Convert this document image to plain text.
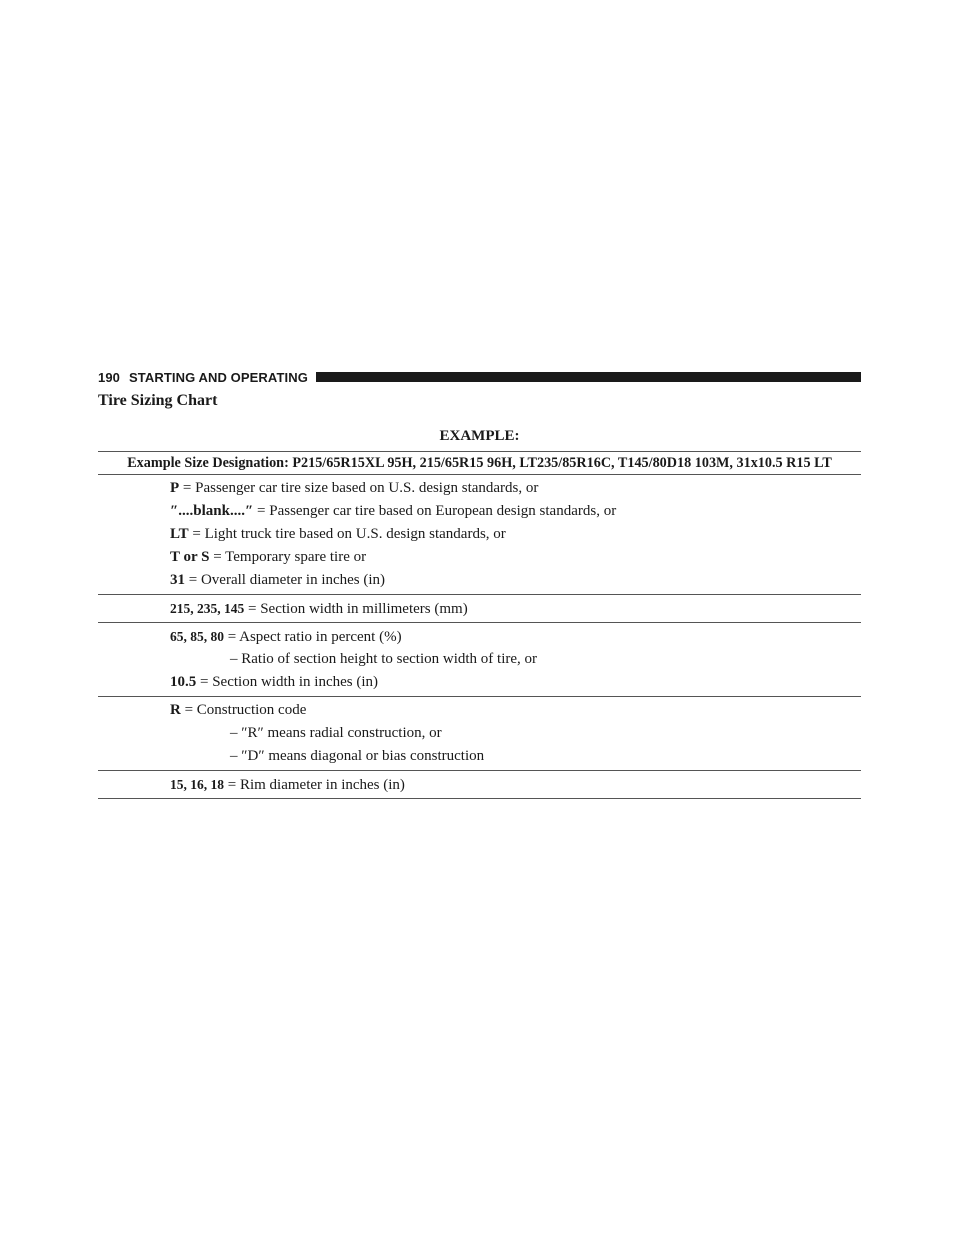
190 STARTING AND OPERATING
Tire Sizing Chart
EXAMPLE:
Example Size Designation: P215/65R15XL 95H, 215/65R15 96H, LT235/85R16C, T145/80D18 103M, 31x10.5 R15 LT
P = Passenger car tire size based on U.S. design standards, or
″....blank....″ = Passenger car tire based on European design standards, or
LT = Light truck tire based on U.S. design standards, or
T or S = Temporary spare tire or
31 = Overall diameter in inches (in)
215, 235, 145 = Section width in millimeters (mm)
65, 85, 80 = Aspect ratio in percent (%)
– Ratio of section height to section width of tire, or
10.5 = Section width in inches (in)
R = Construction code
– ″R″ means radial construction, or
– ″D″ means diagonal or bias construction
15, 16, 18 = Rim diameter in inches (in)
